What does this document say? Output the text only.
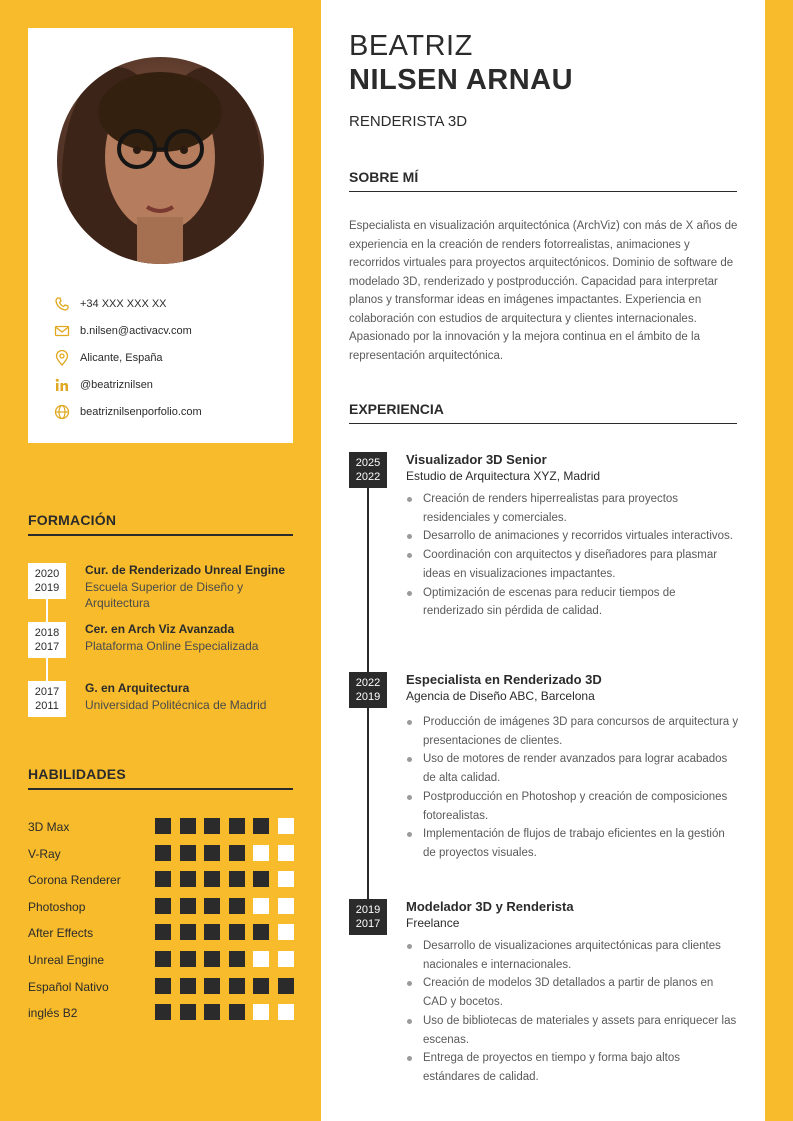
+34 XXX XXX XX
b.nilsen@activacv.com
Alicante, España
@beatriznilsen
beatriznilsenporfolio.com
FORMACIÓN
2020
2019
Cur. de Renderizado Unreal Engine
Escuela Superior de Diseño y Arquitectura
2018
2017
Cer. en Arch Viz Avanzada
Plataforma Online Especializada
2017
2011
G. en Arquitectura
Universidad Politécnica de Madrid
HABILIDADES
3D Max
V-Ray
Corona Renderer
Photoshop
After Effects
Unreal Engine
Español Nativo
inglés B2
BEATRIZ
NILSEN ARNAU
RENDERISTA 3D
SOBRE MÍ
Especialista en visualización arquitectónica (ArchViz) con más de X años de experiencia en la creación de renders fotorrealistas, animaciones y recorridos virtuales para proyectos arquitectónicos. Dominio de software de modelado 3D, renderizado y postproducción. Capacidad para interpretar planos y transformar ideas en imágenes impactantes. Experiencia en colaboración con estudios de arquitectura y clientes internacionales. Apasionado por la innovación y la mejora continua en el ámbito de la representación arquitectónica.
EXPERIENCIA
2025
2022
Visualizador 3D Senior
Estudio de Arquitectura XYZ, Madrid
Creación de renders hiperrealistas para proyectos residenciales y comerciales.
Desarrollo de animaciones y recorridos virtuales interactivos.
Coordinación con arquitectos y diseñadores para plasmar ideas en visualizaciones impactantes.
Optimización de escenas para reducir tiempos de renderizado sin pérdida de calidad.
2022
2019
Especialista en Renderizado 3D
Agencia de Diseño ABC, Barcelona
Producción de imágenes 3D para concursos de arquitectura y presentaciones de clientes.
Uso de motores de render avanzados para lograr acabados de alta calidad.
Postproducción en Photoshop y creación de composiciones fotorealistas.
Implementación de flujos de trabajo eficientes en la gestión de proyectos visuales.
2019
2017
Modelador 3D y Renderista
Freelance
Desarrollo de visualizaciones arquitectónicas para clientes nacionales e internacionales.
Creación de modelos 3D detallados a partir de planos en CAD y bocetos.
Uso de bibliotecas de materiales y assets para enriquecer las escenas.
Entrega de proyectos en tiempo y forma bajo altos estándares de calidad.
